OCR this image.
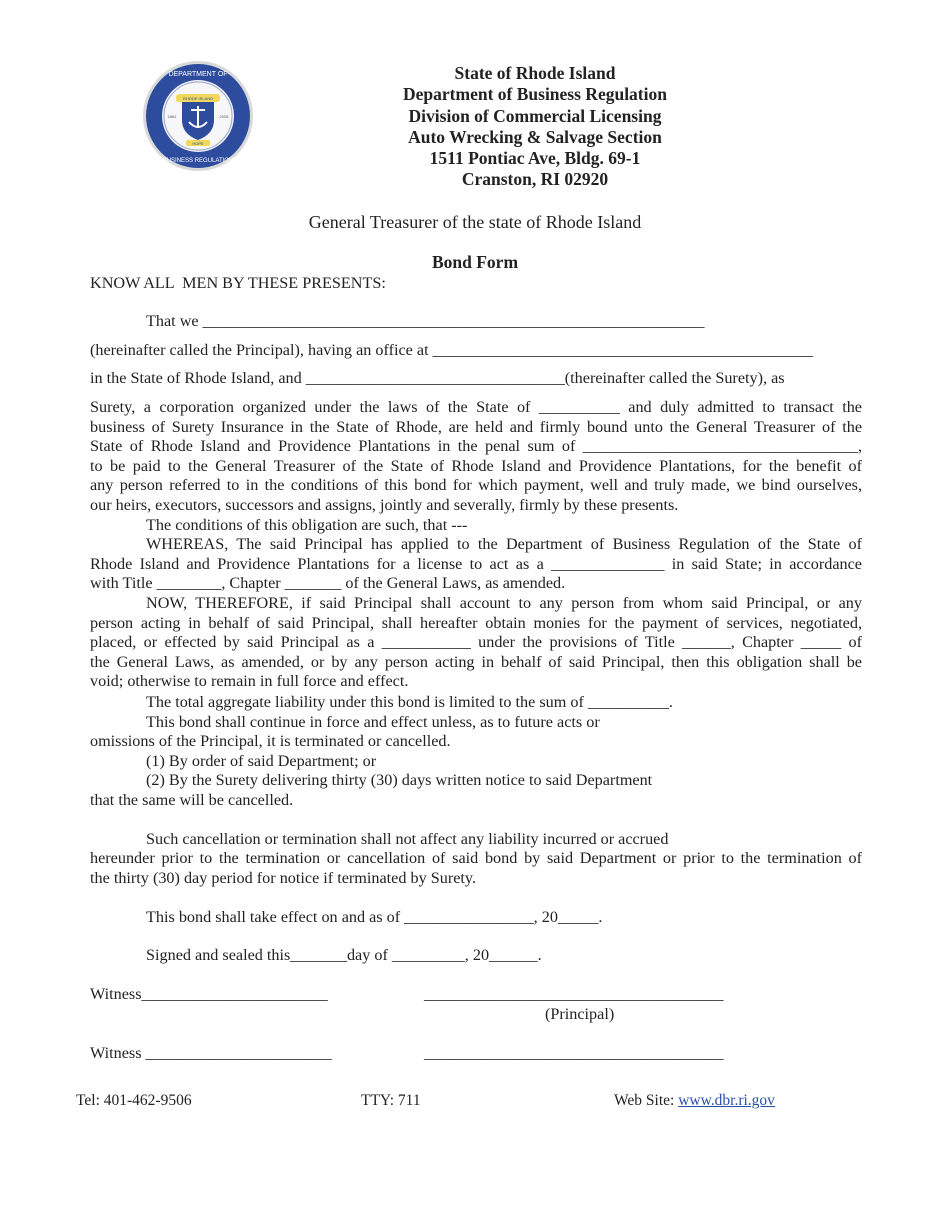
DEPARTMENT OF
BUSINESS REGULATION
RHODE ISLAND
1861	2005
HOPE
State of Rhode Island
Department of Business Regulation
Division of Commercial Licensing
Auto Wrecking & Salvage Section
1511 Pontiac Ave, Bldg. 69-1
Cranston, RI 02920
General Treasurer of the state of Rhode Island
Bond Form
KNOW ALL  MEN BY THESE PRESENTS:
That we ______________________________________________________________
(hereinafter called the Principal), having an office at _______________________________________________
in the State of Rhode Island, and ________________________________(thereinafter called the Surety), as
Surety, a corporation organized under the laws of the State of __________ and duly admitted to transact the
business of Surety Insurance in the State of Rhode, are held and firmly bound unto the General Treasurer of the
State of Rhode Island and Providence Plantations in the penal sum of __________________________________,
to be paid to the General Treasurer of the State of Rhode Island and Providence Plantations, for the benefit of
any person referred to in the conditions of this bond for which payment, well and truly made, we bind ourselves,
our heirs, executors, successors and assigns, jointly and severally, firmly by these presents.
The conditions of this obligation are such, that ---
WHEREAS, The said Principal has applied to the Department of Business Regulation of the State of
Rhode Island and Providence Plantations for a license to act as a ______________ in said State; in accordance
with Title ________, Chapter _______ of the General Laws, as amended.
NOW, THEREFORE, if said Principal shall account to any person from whom said Principal, or any
person acting in behalf of said Principal, shall hereafter obtain monies for the payment of services, negotiated,
placed, or effected by said Principal as a ___________ under the provisions of Title ______, Chapter _____ of
the General Laws, as amended, or by any person acting in behalf of said Principal, then this obligation shall be
void; otherwise to remain in full force and effect.
The total aggregate liability under this bond is limited to the sum of __________.
This bond shall continue in force and effect unless, as to future acts or
omissions of the Principal, it is terminated or cancelled.
(1) By order of said Department; or
(2) By the Surety delivering thirty (30) days written notice to said Department
that the same will be cancelled.
Such cancellation or termination shall not affect any liability incurred or accrued
hereunder prior to the termination or cancellation of said bond by said Department or prior to the termination of
the thirty (30) day period for notice if terminated by Surety.
This bond shall take effect on and as of ________________, 20_____.
Signed and sealed this_______day of _________, 20______.
Witness_______________________	_____________________________________
(Principal)
Witness _______________________	_____________________________________
Tel: 401-462-9506	TTY: 711	Web Site: www.dbr.ri.gov
